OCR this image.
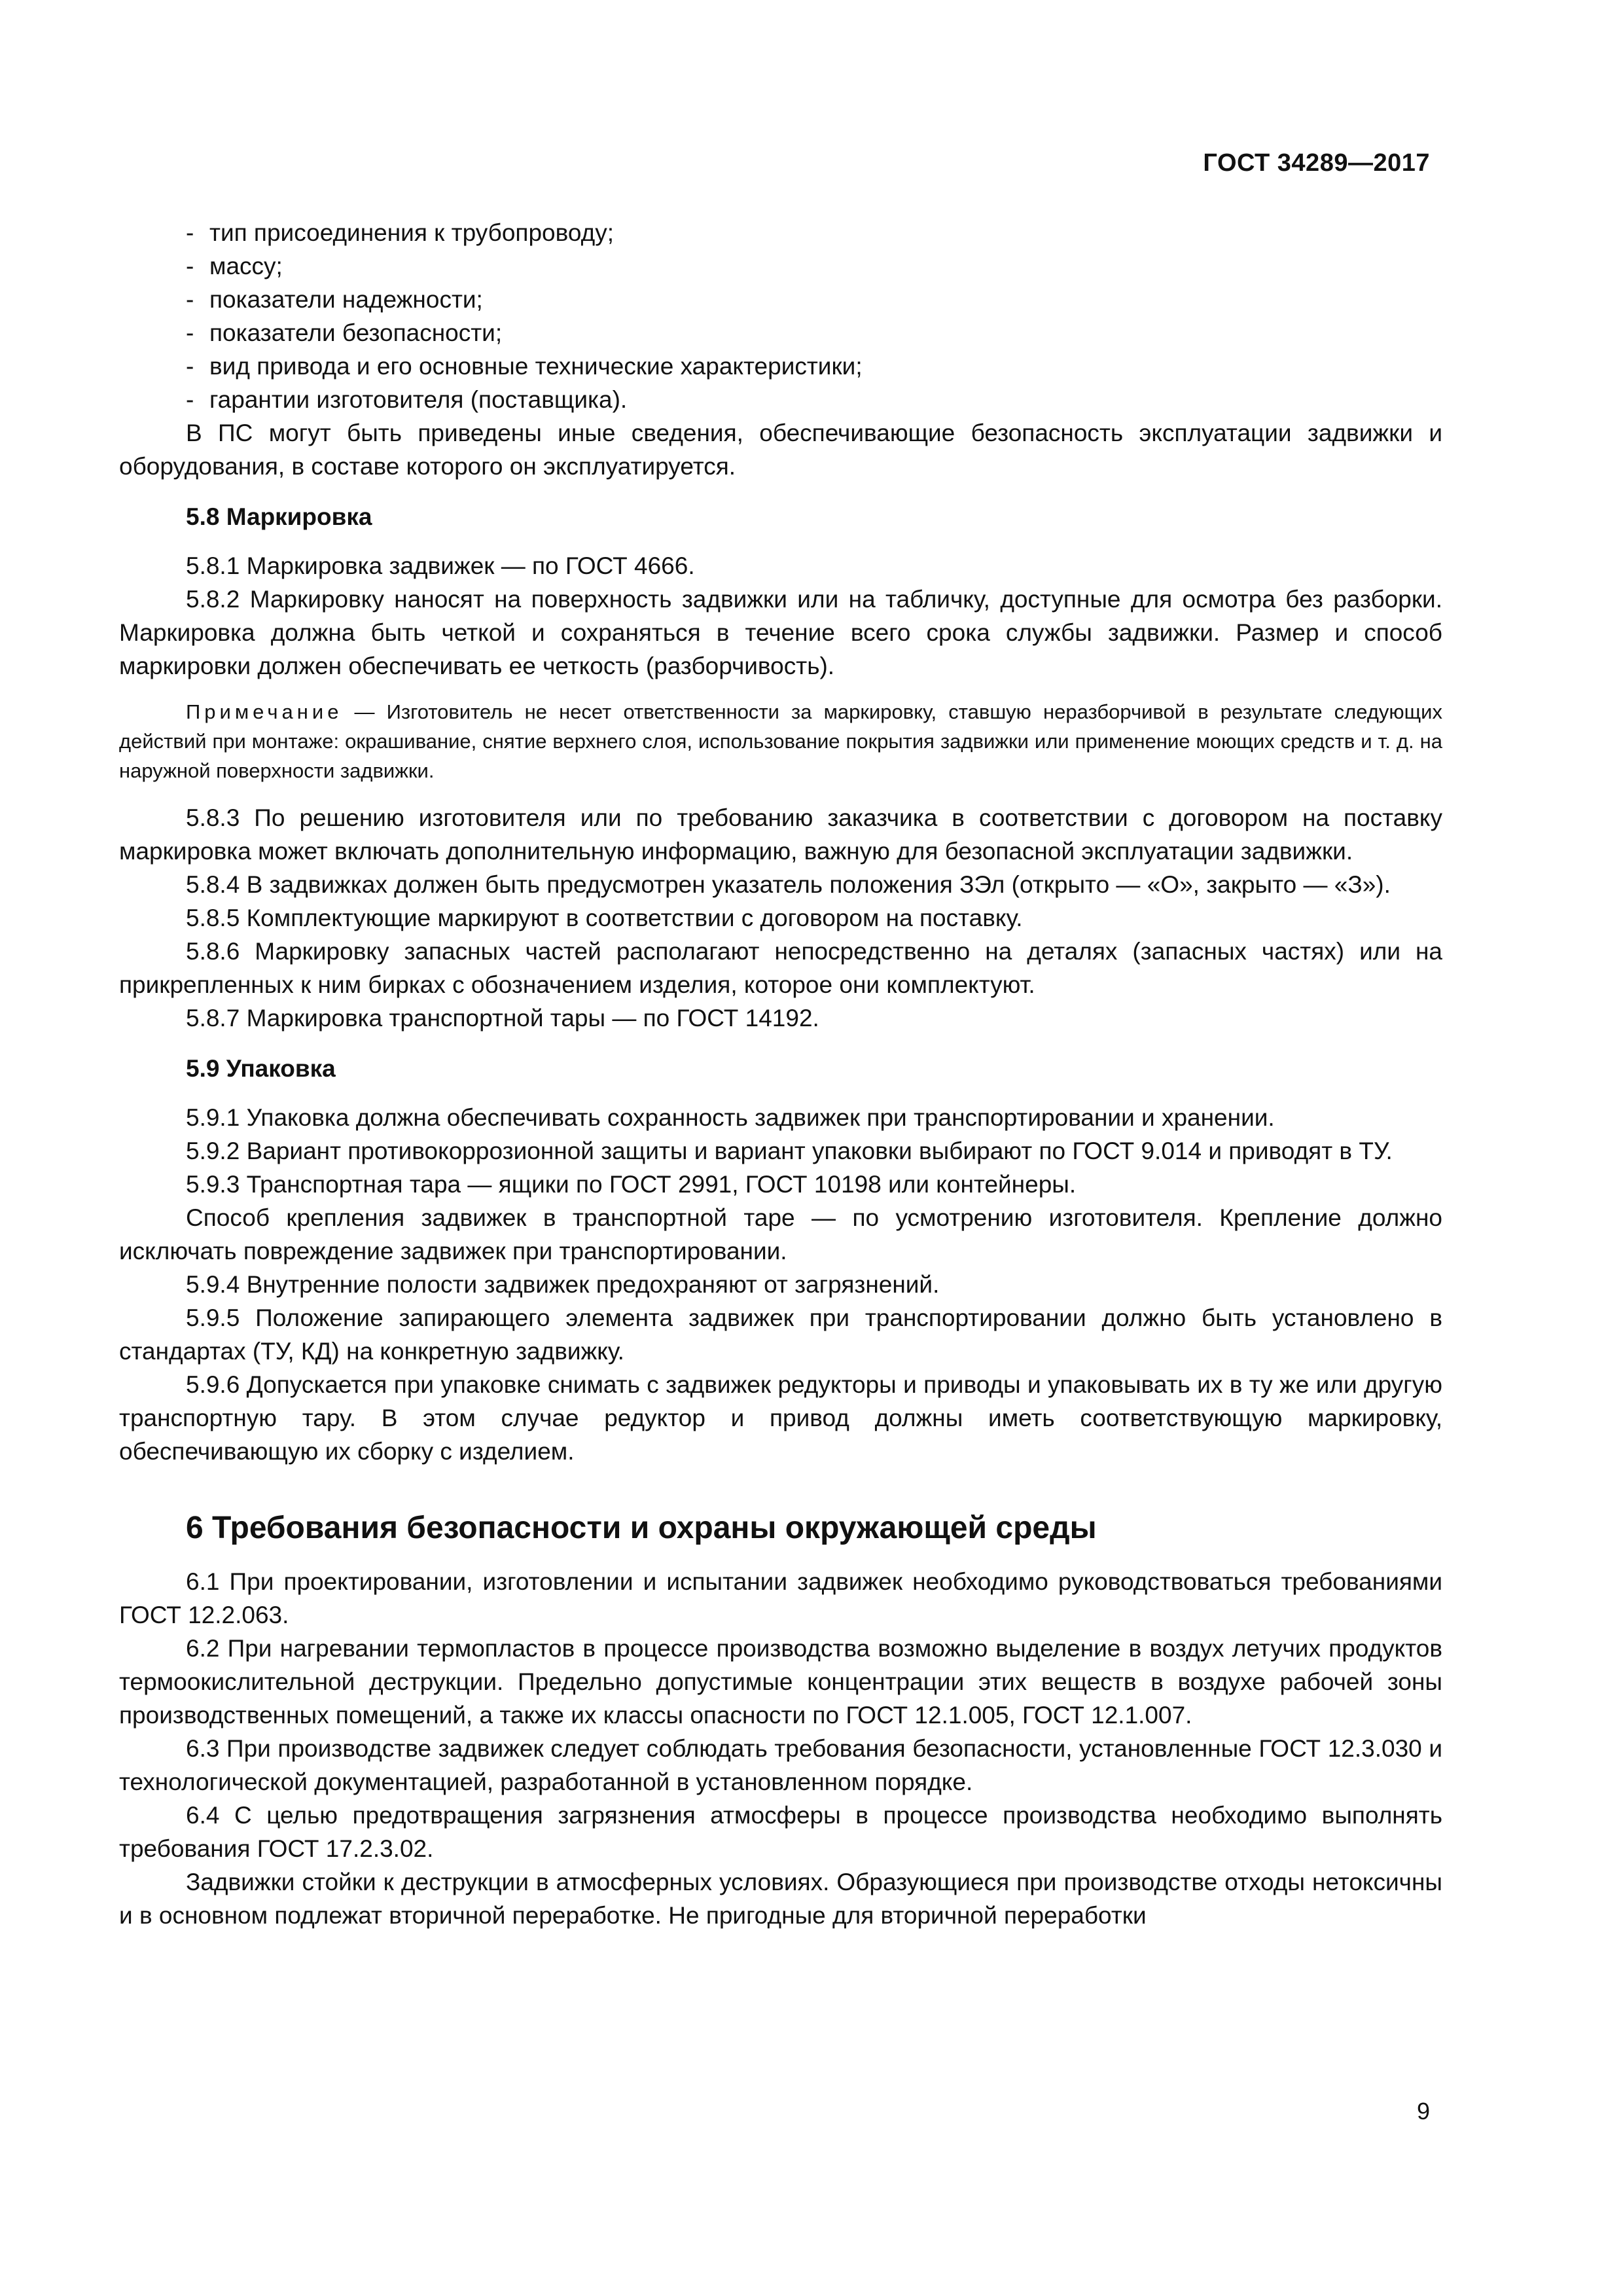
ГОСТ 34289—2017

- тип присоединения к трубопроводу;

- массу;

- показатели надежности;

- показатели безопасности;

- вид привода и его основные технические характеристики;

- гарантии изготовителя (поставщика).

В ПС могут быть приведены иные сведения, обеспечивающие безопасность эксплуатации задвижки и оборудования, в составе которого он эксплуатируется.

5.8 Маркировка

5.8.1 Маркировка задвижек — по ГОСТ 4666.

5.8.2 Маркировку наносят на поверхность задвижки или на табличку, доступные для осмотра без разборки. Маркировка должна быть четкой и сохраняться в течение всего срока службы задвижки. Размер и способ маркировки должен обеспечивать ее четкость (разборчивость).

Примечание — Изготовитель не несет ответственности за маркировку, ставшую неразборчивой в результате следующих действий при монтаже: окрашивание, снятие верхнего слоя, использование покрытия задвижки или применение моющих средств и т. д. на наружной поверхности задвижки.

5.8.3 По решению изготовителя или по требованию заказчика в соответствии с договором на поставку маркировка может включать дополнительную информацию, важную для безопасной эксплуатации задвижки.

5.8.4 В задвижках должен быть предусмотрен указатель положения ЗЭл (открыто — «О», закрыто — «З»).

5.8.5 Комплектующие маркируют в соответствии с договором на поставку.

5.8.6 Маркировку запасных частей располагают непосредственно на деталях (запасных частях) или на прикрепленных к ним бирках с обозначением изделия, которое они комплектуют.

5.8.7 Маркировка транспортной тары — по ГОСТ 14192.

5.9 Упаковка

5.9.1 Упаковка должна обеспечивать сохранность задвижек при транспортировании и хранении.

5.9.2 Вариант противокоррозионной защиты и вариант упаковки выбирают по ГОСТ 9.014 и приводят в ТУ.

5.9.3 Транспортная тара — ящики по ГОСТ 2991, ГОСТ 10198 или контейнеры.

Способ крепления задвижек в транспортной таре — по усмотрению изготовителя. Крепление должно исключать повреждение задвижек при транспортировании.

5.9.4 Внутренние полости задвижек предохраняют от загрязнений.

5.9.5 Положение запирающего элемента задвижек при транспортировании должно быть установлено в стандартах (ТУ, КД) на конкретную задвижку.

5.9.6 Допускается при упаковке снимать с задвижек редукторы и приводы и упаковывать их в ту же или другую транспортную тару. В этом случае редуктор и привод должны иметь соответствующую маркировку, обеспечивающую их сборку с изделием.

6 Требования безопасности и охраны окружающей среды

6.1 При проектировании, изготовлении и испытании задвижек необходимо руководствоваться требованиями ГОСТ 12.2.063.

6.2 При нагревании термопластов в процессе производства возможно выделение в воздух летучих продуктов термоокислительной деструкции. Предельно допустимые концентрации этих веществ в воздухе рабочей зоны производственных помещений, а также их классы опасности по ГОСТ 12.1.005, ГОСТ 12.1.007.

6.3 При производстве задвижек следует соблюдать требования безопасности, установленные ГОСТ 12.3.030 и технологической документацией, разработанной в установленном порядке.

6.4 С целью предотвращения загрязнения атмосферы в процессе производства необходимо выполнять требования ГОСТ 17.2.3.02.

Задвижки стойки к деструкции в атмосферных условиях. Образующиеся при производстве отходы нетоксичны и в основном подлежат вторичной переработке. Не пригодные для вторичной переработки

9
